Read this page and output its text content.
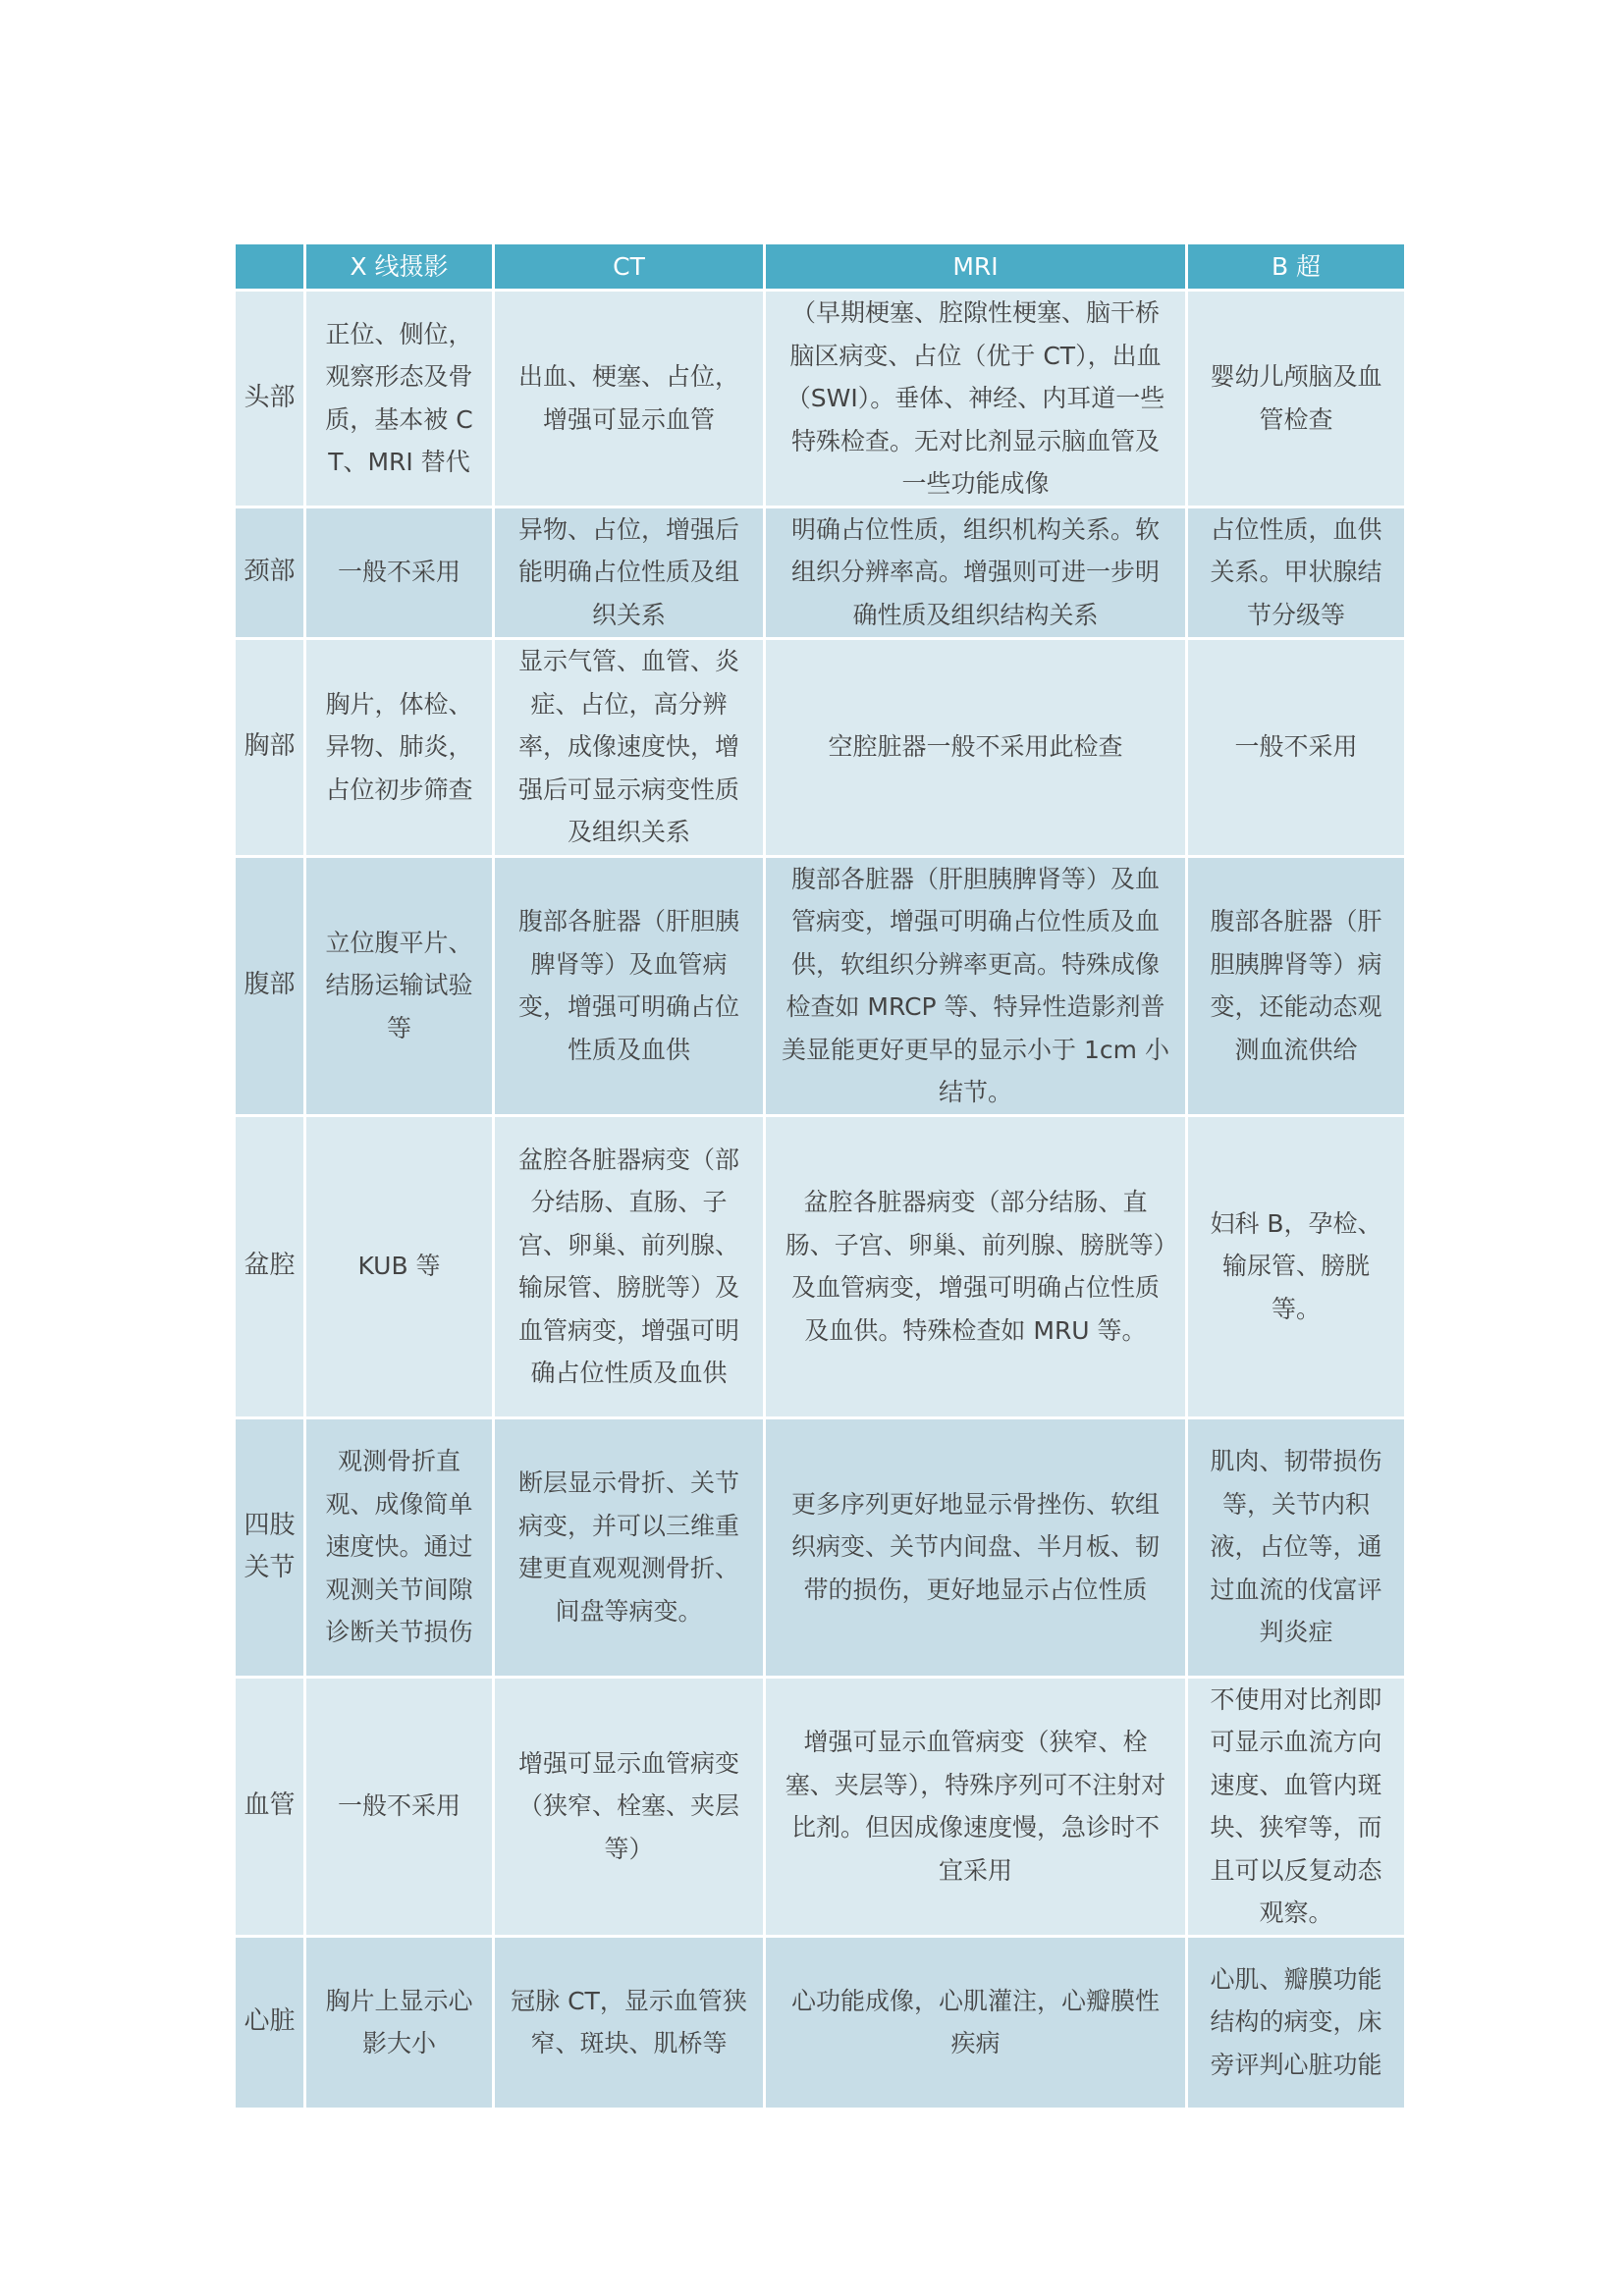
	X 线摄影	CT	MRI	B 超
头部	正位、侧位，观察形态及骨质，基本被 CT、MRI 替代	出血、梗塞、占位，增强可显示血管	（早期梗塞、腔隙性梗塞、脑干桥脑区病变、占位（优于 CT），出血（SWI）。垂体、神经、内耳道一些特殊检查。无对比剂显示脑血管及一些功能成像	婴幼儿颅脑及血管检查
颈部	一般不采用	异物、占位，增强后能明确占位性质及组织关系	明确占位性质，组织机构关系。软组织分辨率高。增强则可进一步明确性质及组织结构关系	占位性质，血供关系。甲状腺结节分级等
胸部	胸片，体检、异物、肺炎，占位初步筛查	显示气管、血管、炎症、占位，高分辨率，成像速度快，增强后可显示病变性质及组织关系	空腔脏器一般不采用此检查	一般不采用
腹部	立位腹平片、结肠运输试验等	腹部各脏器（肝胆胰脾肾等）及血管病变，增强可明确占位性质及血供	腹部各脏器（肝胆胰脾肾等）及血管病变，增强可明确占位性质及血供，软组织分辨率更高。特殊成像检查如 MRCP 等、特异性造影剂普美显能更好更早的显示小于 1cm 小结节。	腹部各脏器（肝胆胰脾肾等）病变，还能动态观测血流供给
盆腔	KUB 等	盆腔各脏器病变（部分结肠、直肠、子宫、卵巢、前列腺、输尿管、膀胱等）及血管病变，增强可明确占位性质及血供	盆腔各脏器病变（部分结肠、直肠、子宫、卵巢、前列腺、膀胱等）及血管病变，增强可明确占位性质及血供。特殊检查如 MRU 等。	妇科 B，孕检、输尿管、膀胱等。
四肢关节	观测骨折直观、成像简单速度快。通过观测关节间隙诊断关节损伤	断层显示骨折、关节病变，并可以三维重建更直观观测骨折、间盘等病变。	更多序列更好地显示骨挫伤、软组织病变、关节内间盘、半月板、韧带的损伤，更好地显示占位性质	肌肉、韧带损伤等，关节内积液，占位等，通过血流的伐富评判炎症
血管	一般不采用	增强可显示血管病变（狭窄、栓塞、夹层等）	增强可显示血管病变（狭窄、栓塞、夹层等），特殊序列可不注射对比剂。但因成像速度慢，急诊时不宜采用	不使用对比剂即可显示血流方向速度、血管内斑块、狭窄等，而且可以反复动态观察。
心脏	胸片上显示心影大小	冠脉 CT，显示血管狭窄、斑块、肌桥等	心功能成像，心肌灌注，心瓣膜性疾病	心肌、瓣膜功能结构的病变，床旁评判心脏功能
